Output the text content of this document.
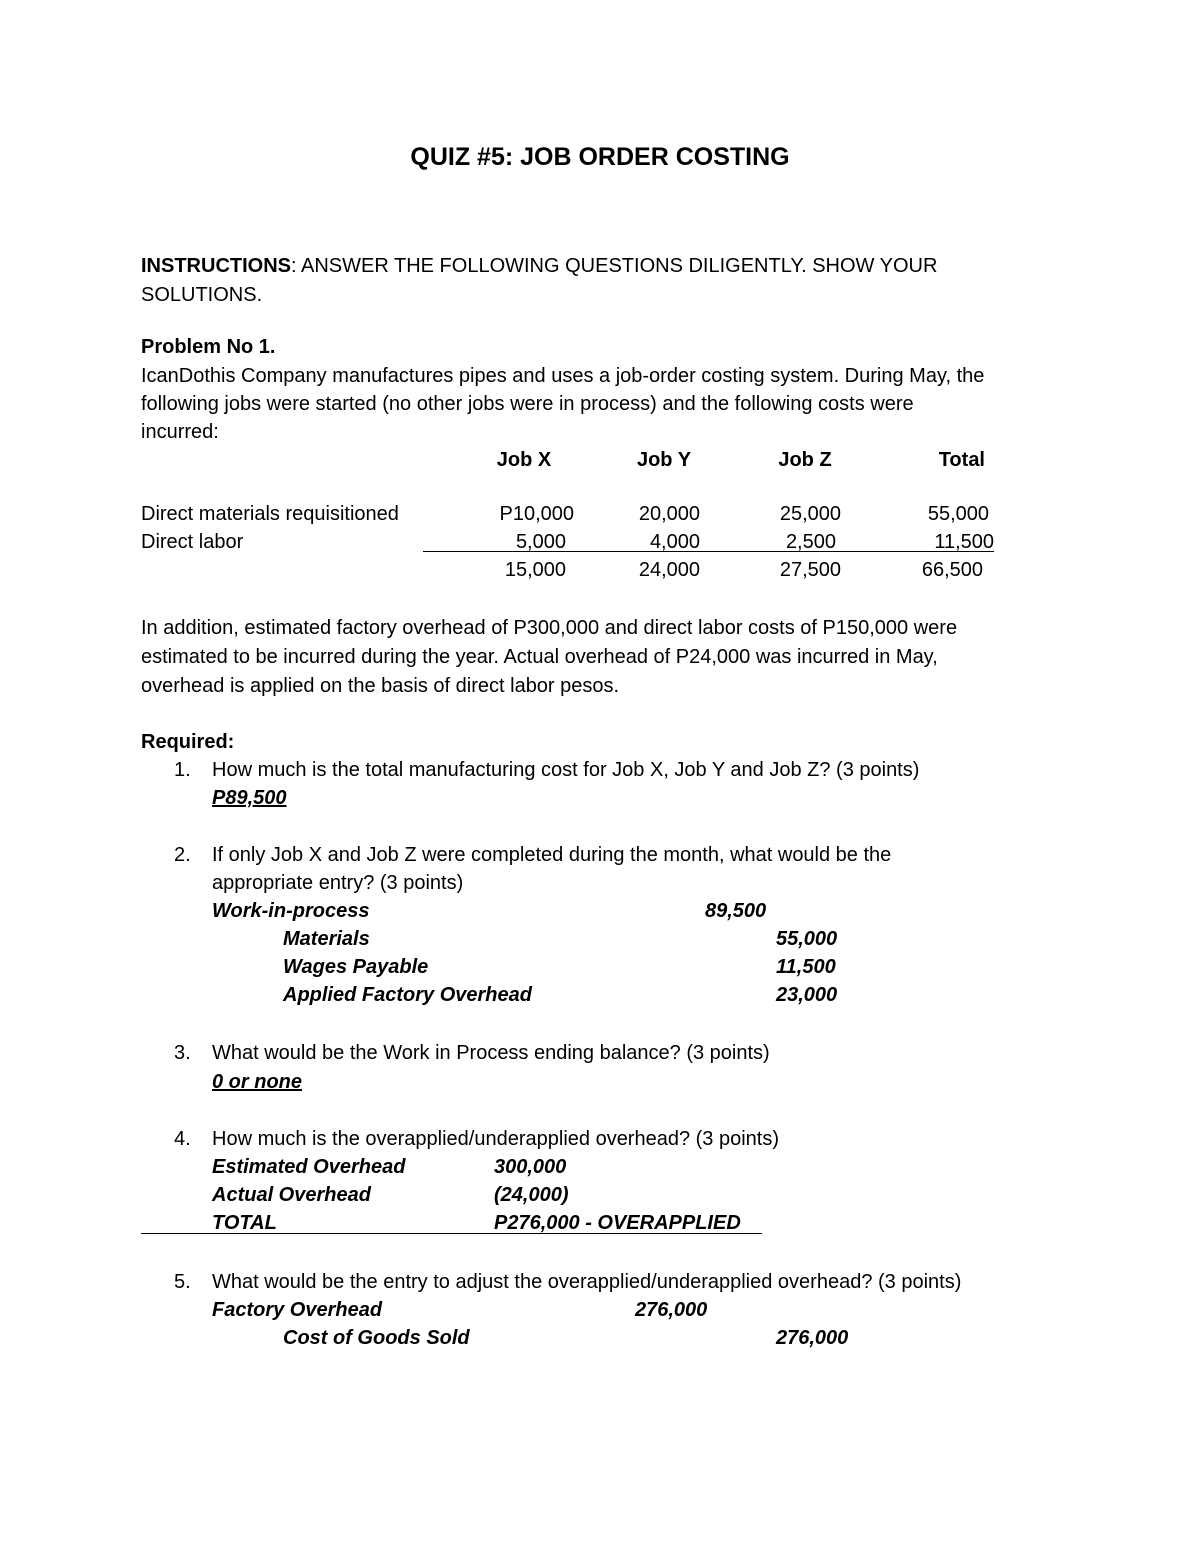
QUIZ #5: JOB ORDER COSTING
INSTRUCTIONS: ANSWER THE FOLLOWING QUESTIONS DILIGENTLY. SHOW YOUR
SOLUTIONS.
Problem No 1.
IcanDothis Company manufactures pipes and uses a job-order costing system. During May, the
following jobs were started (no other jobs were in process) and the following costs were
incurred:
Job X	Job Y	Job Z	Total
Direct materials requisitioned	P10,000	20,000	25,000	55,000
Direct labor	5,000	4,000	2,500	11,500
15,000	24,000	27,500	66,500
In addition, estimated factory overhead of P300,000 and direct labor costs of P150,000 were
estimated to be incurred during the year. Actual overhead of P24,000 was incurred in May,
overhead is applied on the basis of direct labor pesos.
Required:
1. How much is the total manufacturing cost for Job X, Job Y and Job Z? (3 points)
P89,500
2. If only Job X and Job Z were completed during the month, what would be the
appropriate entry? (3 points)
Work-in-process	89,500
Materials	55,000
Wages Payable	11,500
Applied Factory Overhead	23,000
3. What would be the Work in Process ending balance? (3 points)
0 or none
4. How much is the overapplied/underapplied overhead? (3 points)
Estimated Overhead	300,000
Actual Overhead	(24,000)
TOTAL	P276,000 - OVERAPPLIED
5. What would be the entry to adjust the overapplied/underapplied overhead? (3 points)
Factory Overhead	276,000
Cost of Goods Sold	276,000
